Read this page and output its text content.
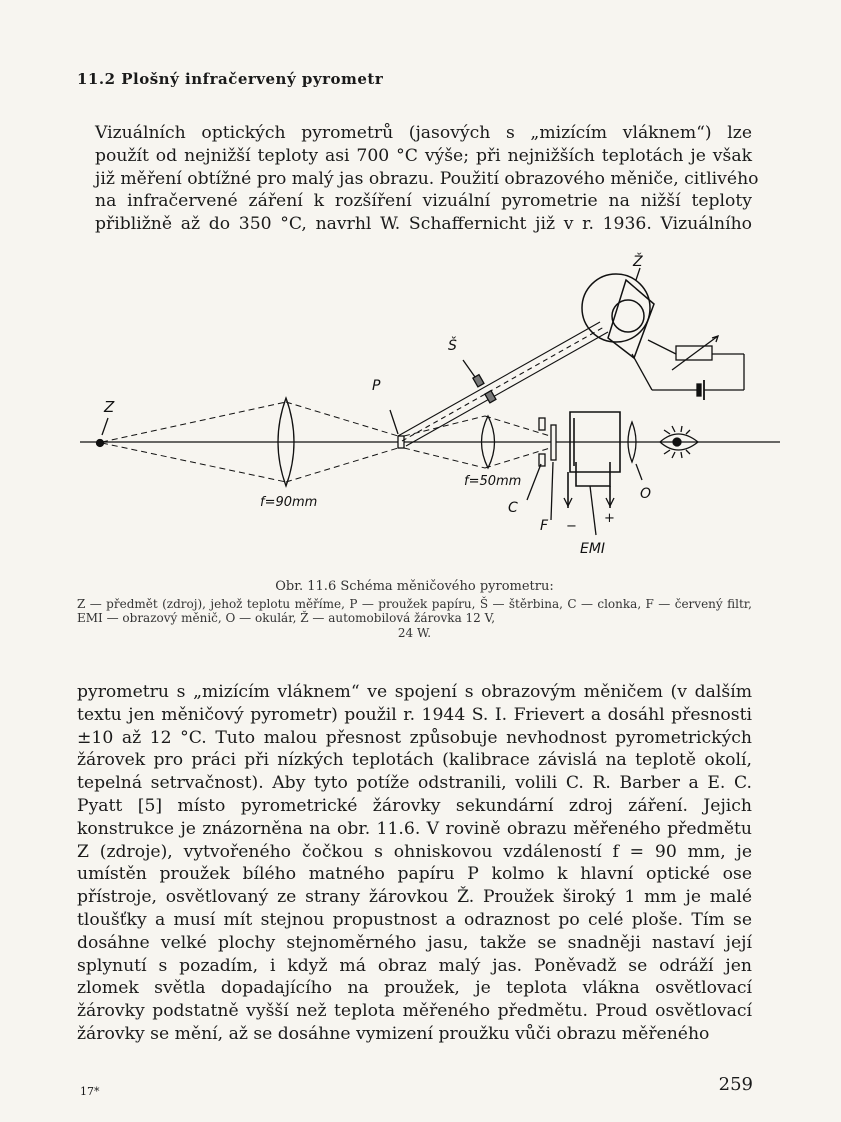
11.2 Plošný infračervený pyrometr
Vizuálních optických pyrometrů (jasových s „mizícím vláknem“) lze
použít od nejnižší teploty asi 700 °C výše; při nejnižších teplotách je však
již měření obtížné pro malý jas obrazu. Použití obrazového měniče, citlivého
na infračervené záření k rozšíření vizuální pyrometrie na nižší teploty
přibližně až do 350 °C, navrhl W. Schaffernicht již v r. 1936. Vizuálního
Z
f=90mm
P
Š
f=50mm
C
F −
+
EMI
O
Ž
Obr. 11.6 Schéma měničového pyrometru:
Z — předmět (zdroj), jehož teplotu měříme, P — proužek papíru, Š — štěrbina, C — clonka, F — červený filtr, EMI — obrazový měnič, O — okulár, Ž — automobilová žárovka 12 V,
24 W.
pyrometru s „mizícím vláknem“ ve spojení s obrazovým měničem (v dalším
textu jen měničový pyrometr) použil r. 1944 S. I. Frievert a dosáhl přesnosti
±10 až 12 °C. Tuto malou přesnost způsobuje nevhodnost pyrometrických
žárovek pro práci při nízkých teplotách (kalibrace závislá na teplotě okolí,
tepelná setrvačnost). Aby tyto potíže odstranili, volili C. R. Barber a E. C.
Pyatt [5] místo pyrometrické žárovky sekundární zdroj záření. Jejich
konstrukce je znázorněna na obr. 11.6. V rovině obrazu měřeného předmětu
Z (zdroje), vytvořeného čočkou s ohniskovou vzdáleností f = 90 mm, je
umístěn proužek bílého matného papíru P kolmo k hlavní optické ose
přístroje, osvětlovaný ze strany žárovkou Ž. Proužek široký 1 mm je malé
tloušťky a musí mít stejnou propustnost a odraznost po celé ploše. Tím se
dosáhne velké plochy stejnoměrného jasu, takže se snadněji nastaví její
splynutí s pozadím, i když má obraz malý jas. Poněvadž se odráží jen
zlomek světla dopadajícího na proužek, je teplota vlákna osvětlovací
žárovky podstatně vyšší než teplota měřeného předmětu. Proud osvětlovací
žárovky se mění, až se dosáhne vymizení proužku vůči obrazu měřeného
17*	259
